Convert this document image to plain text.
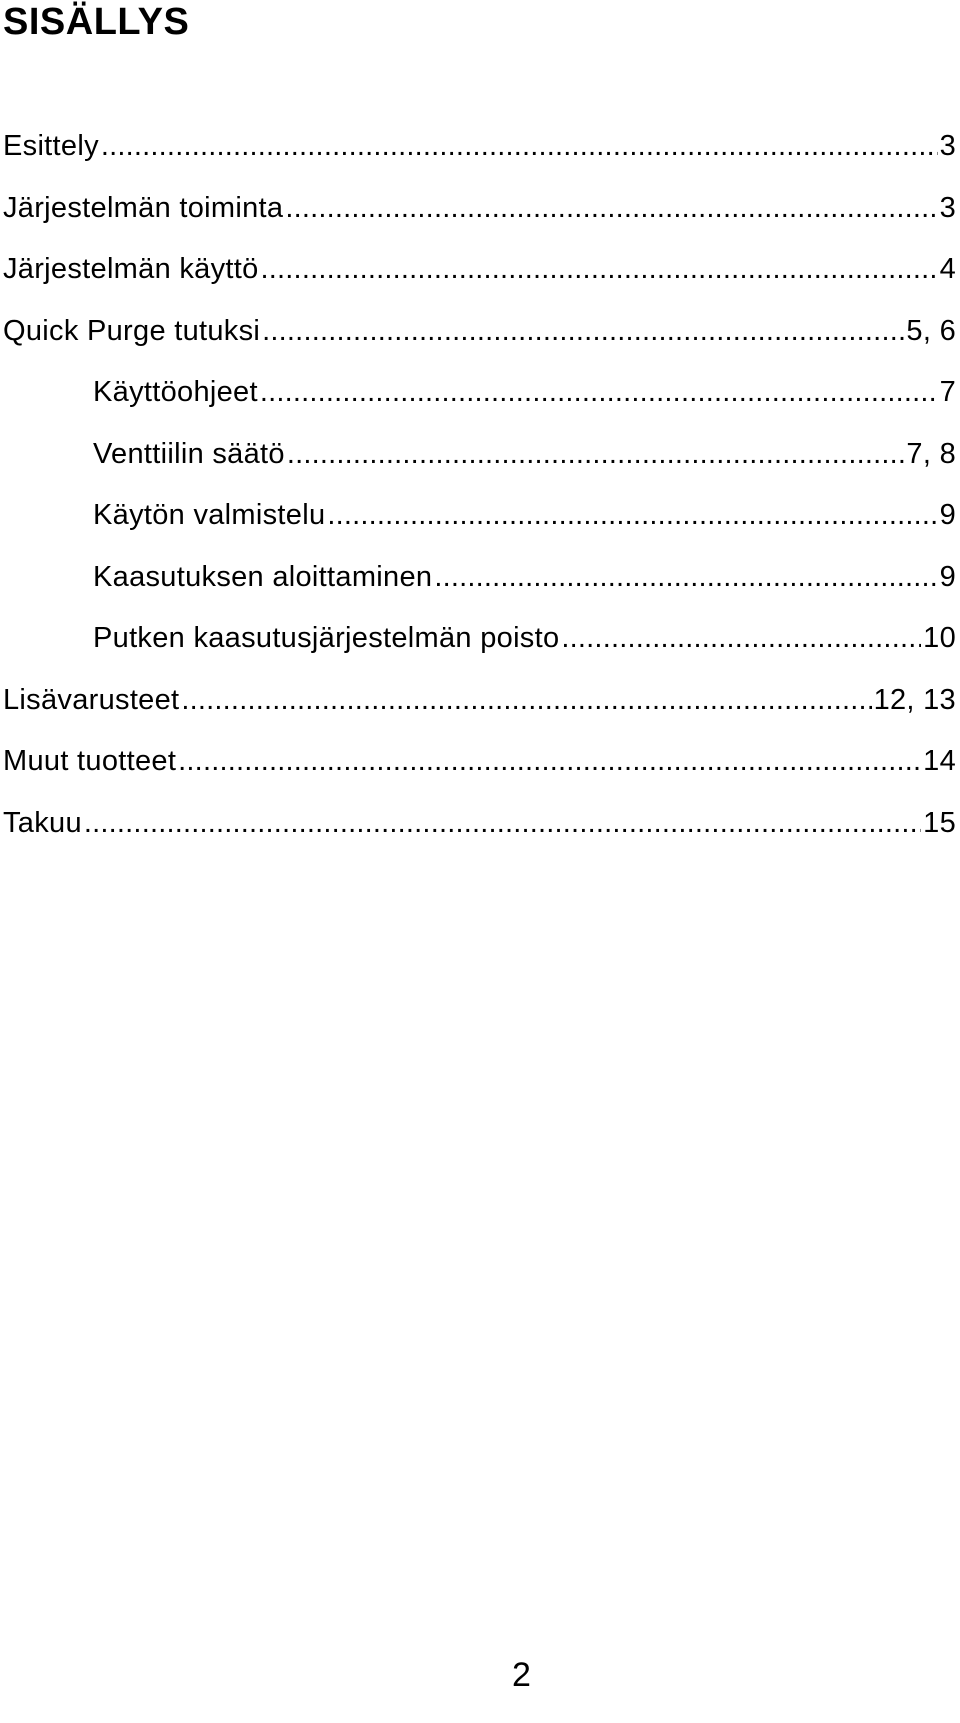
SISÄLLYS
Esittely .....	3
Järjestelmän toiminta .....	3
Järjestelmän käyttö .....	4
Quick Purge tutuksi .....	5, 6
Käyttöohjeet .....	7
Venttiilin säätö .....	7, 8
Käytön valmistelu .....	9
Kaasutuksen aloittaminen .....	9
Putken kaasutusjärjestelmän poisto .....	10
Lisävarusteet .....	12, 13
Muut tuotteet .....	14
Takuu .....	15
2
